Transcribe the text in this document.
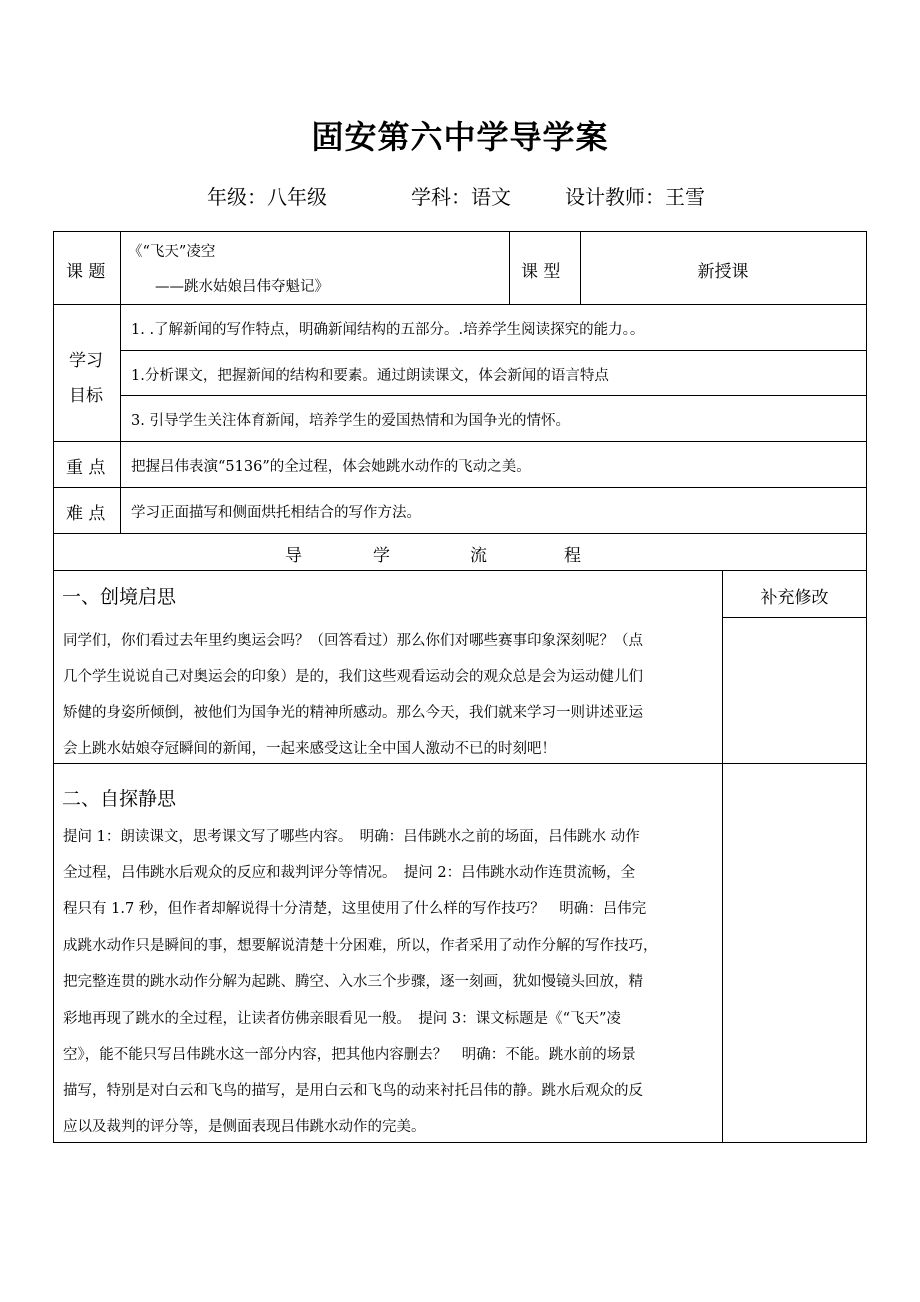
固安第六中学导学案
年级：八年级	学科：语文	设计教师：王雪
课 题
《“飞天”凌空
——跳水姑娘吕伟夺魁记》
课 型	新授课
学习
目标
1. .了解新闻的写作特点，明确新闻结构的五部分。.培养学生阅读探究的能力。。
1.分析课文，把握新闻的结构和要素。通过朗读课文，体会新闻的语言特点
3. 引导学生关注体育新闻，培养学生的爱国热情和为国争光的情怀。
重 点 把握吕伟表演“5136”的全过程，体会她跳水动作的飞动之美。
难 点 学习正面描写和侧面烘托相结合的写作方法。
导	学	流	程
补充修改
一、创境启思
同学们，你们看过去年里约奥运会吗？（回答看过）那么你们对哪些赛事印象深刻呢？（点
几个学生说说自己对奥运会的印象）是的，我们这些观看运动会的观众总是会为运动健儿们
矫健的身姿所倾倒，被他们为国争光的精神所感动。那么今天，我们就来学习一则讲述亚运
会上跳水姑娘夺冠瞬间的新闻，一起来感受这让全中国人激动不已的时刻吧！
二、自探静思
提问 1：朗读课文，思考课文写了哪些内容。　明确：吕伟跳水之前的场面，吕伟跳水 动作
全过程，吕伟跳水后观众的反应和裁判评分等情况。　提问 2：吕伟跳水动作连贯流畅，全
程只有 1.7 秒，但作者却解说得十分清楚，这里使用了什么样的写作技巧？　明确：吕伟完
成跳水动作只是瞬间的事，想要解说清楚十分困难，所以，作者采用了动作分解的写作技巧，
把完整连贯的跳水动作分解为起跳、腾空、入水三个步骤，逐一刻画，犹如慢镜头回放，精
彩地再现了跳水的全过程，让读者仿佛亲眼看见一般。　提问 3：课文标题是《“飞天”凌
空》，能不能只写吕伟跳水这一部分内容，把其他内容删去？　明确：不能。跳水前的场景
描写，特别是对白云和飞鸟的描写，是用白云和飞鸟的动来衬托吕伟的静。跳水后观众的反
应以及裁判的评分等，是侧面表现吕伟跳水动作的完美。
